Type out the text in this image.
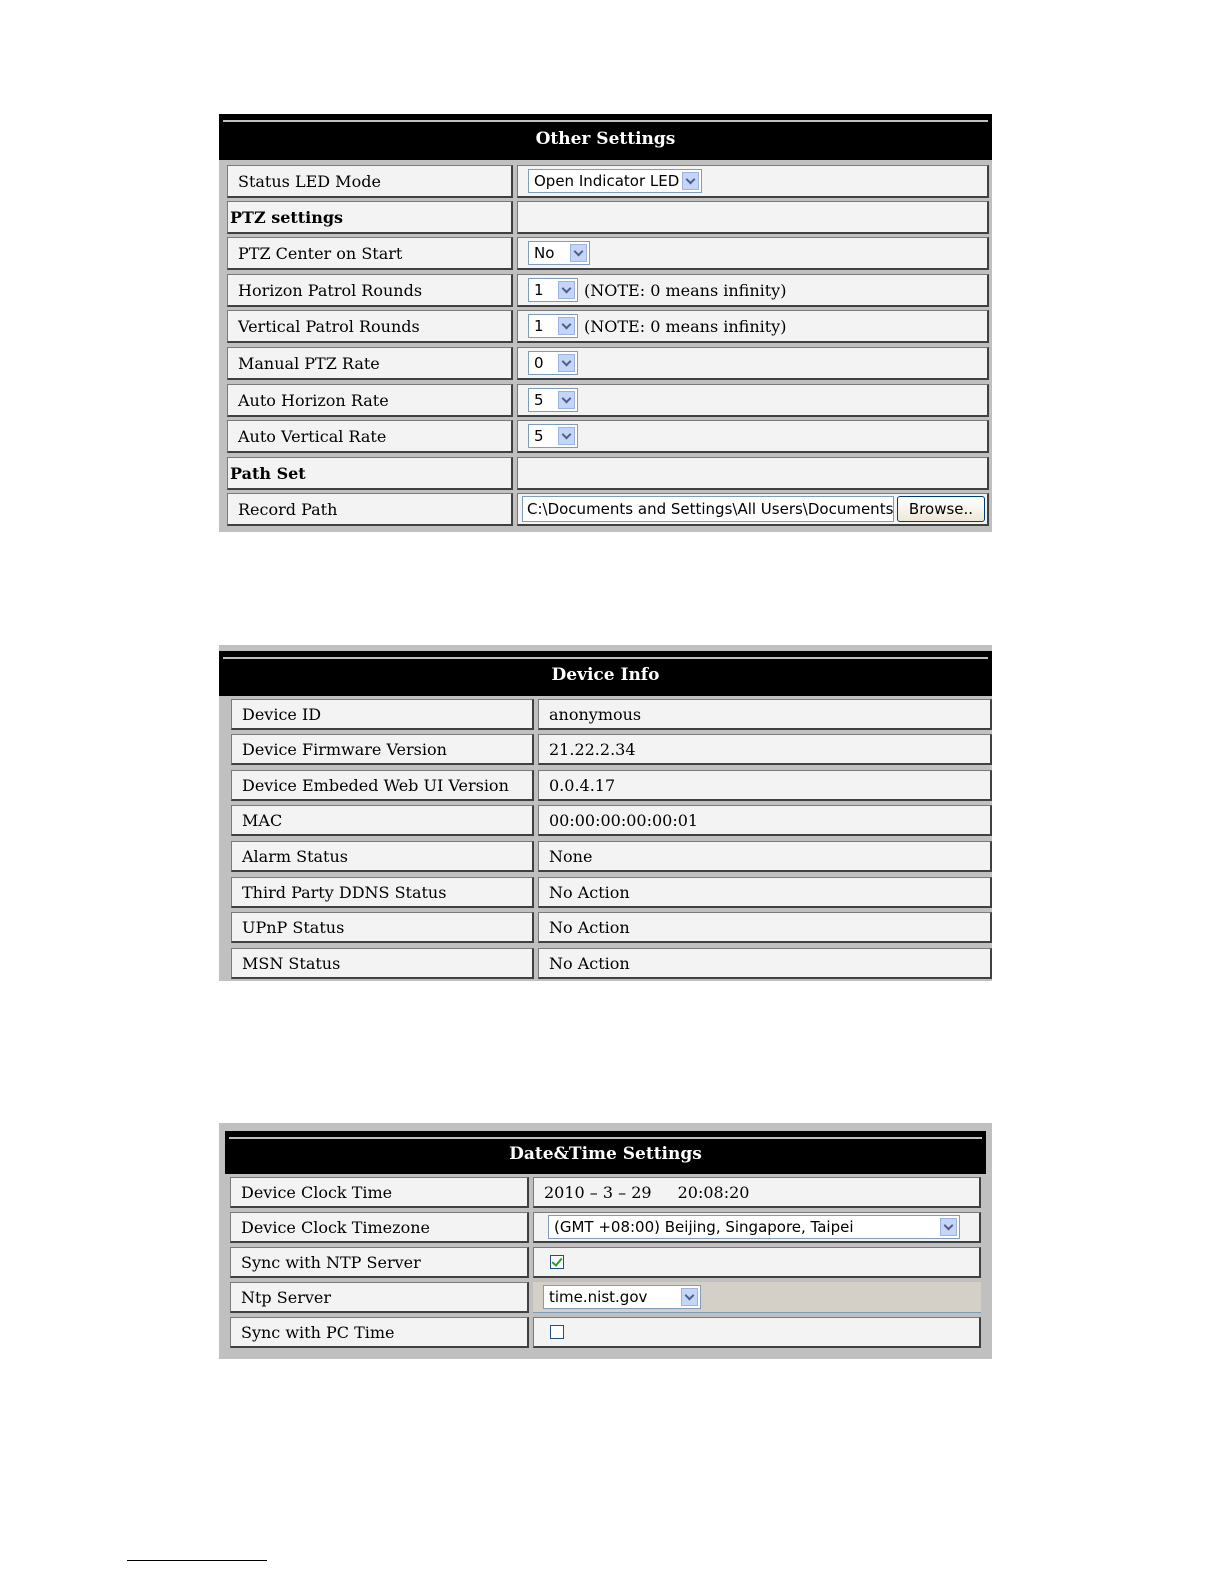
Other Settings
Status LED Mode	Open Indicator LED
PTZ settings
PTZ Center on Start	No
Horizon Patrol Rounds	1	(NOTE: 0 means infinity)
Vertical Patrol Rounds	1	(NOTE: 0 means infinity)
Manual PTZ Rate	0
Auto Horizon Rate	5
Auto Vertical Rate	5
Path Set
Record Path	C:\Documents and Settings\All Users\Documents	Browse..
Device Info
Device ID	anonymous
Device Firmware Version	21.22.2.34
Device Embeded Web UI Version	0.0.4.17
MAC	00:00:00:00:00:01
Alarm Status	None
Third Party DDNS Status	No Action
UPnP Status	No Action
MSN Status	No Action
Date&Time Settings
Device Clock Time	2010 – 3 – 29 20:08:20
Device Clock Timezone	(GMT +08:00) Beijing, Singapore, Taipei
Sync with NTP Server
Ntp Server	time.nist.gov
Sync with PC Time
